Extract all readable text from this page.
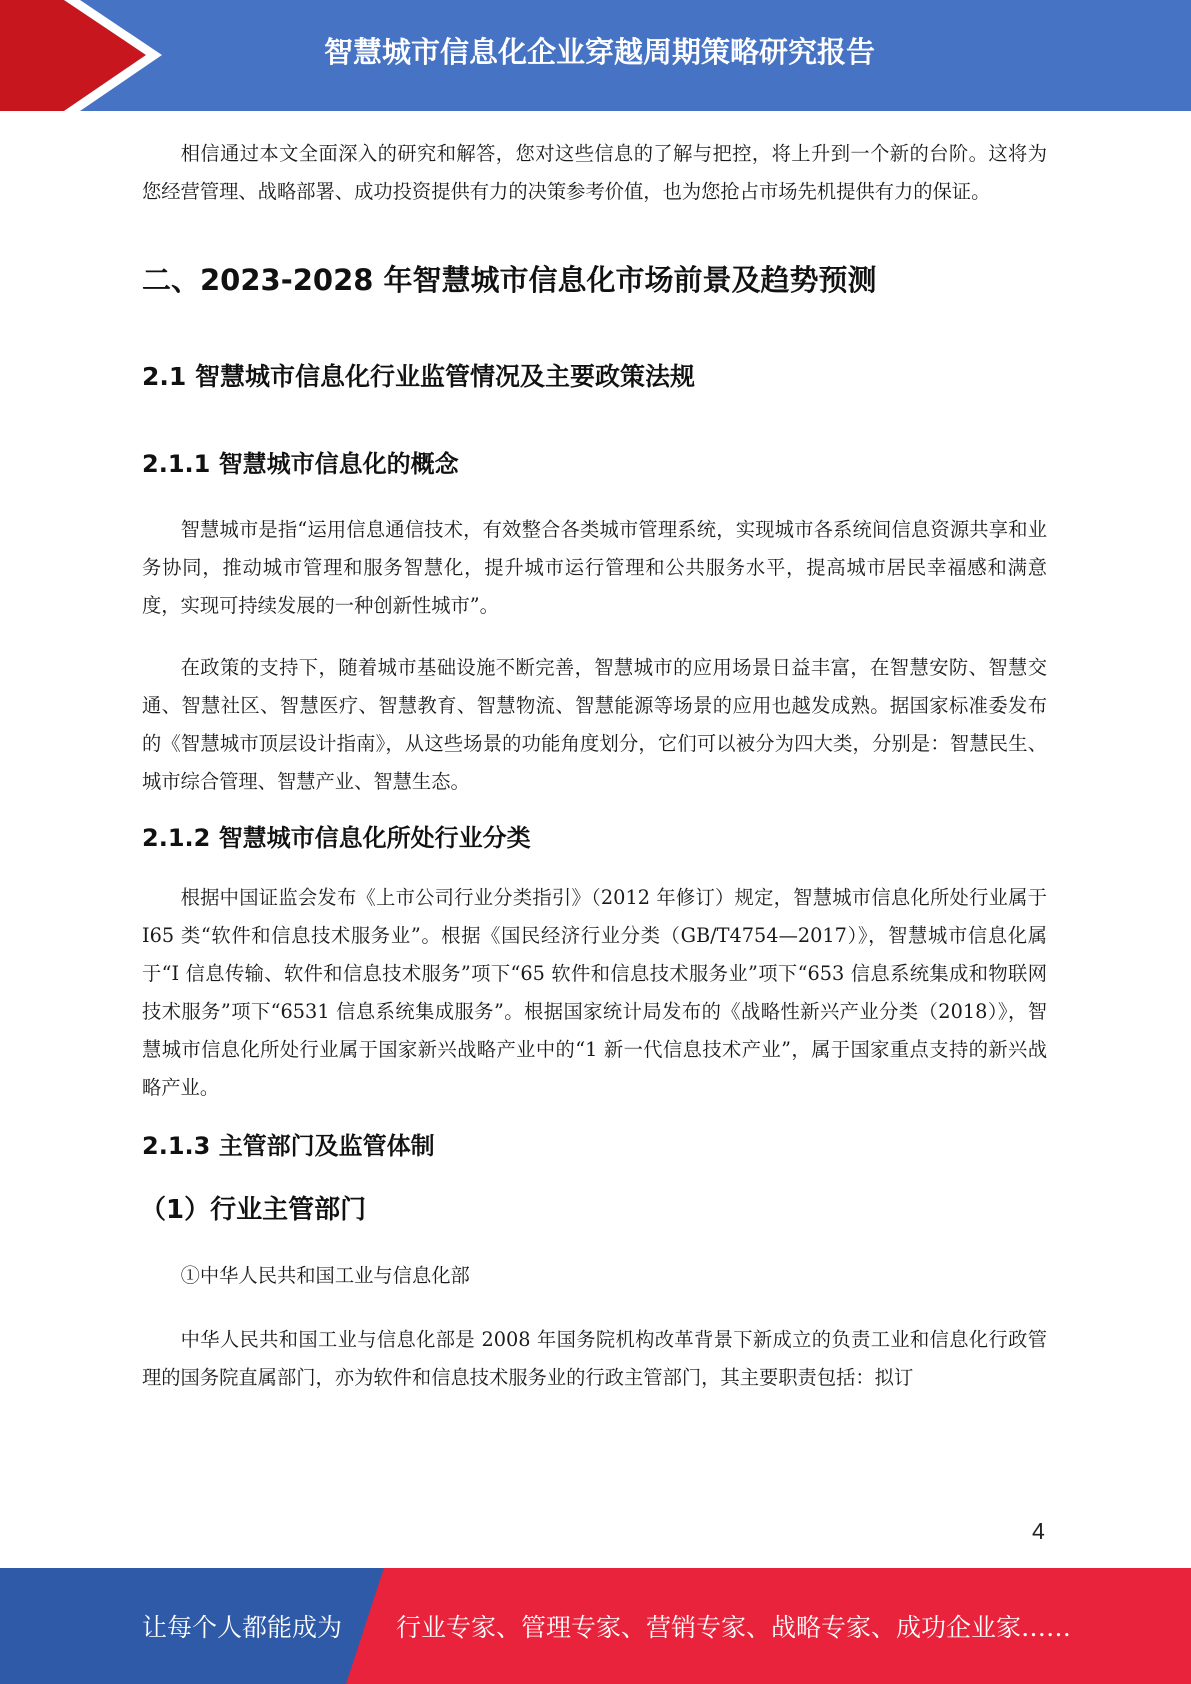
智慧城市信息化企业穿越周期策略研究报告

相信通过本文全面深入的研究和解答，您对这些信息的了解与把控，将上升到一个新的台阶。这将为您经营管理、战略部署、成功投资提供有力的决策参考价值，也为您抢占市场先机提供有力的保证。

二、2023-2028 年智慧城市信息化市场前景及趋势预测
2.1 智慧城市信息化行业监管情况及主要政策法规
2.1.1 智慧城市信息化的概念

智慧城市是指“运用信息通信技术，有效整合各类城市管理系统，实现城市各系统间信息资源共享和业务协同，推动城市管理和服务智慧化，提升城市运行管理和公共服务水平，提高城市居民幸福感和满意度，实现可持续发展的一种创新性城市”。

在政策的支持下，随着城市基础设施不断完善，智慧城市的应用场景日益丰富，在智慧安防、智慧交通、智慧社区、智慧医疗、智慧教育、智慧物流、智慧能源等场景的应用也越发成熟。据国家标准委发布的《智慧城市顶层设计指南》，从这些场景的功能角度划分，它们可以被分为四大类，分别是：智慧民生、城市综合管理、智慧产业、智慧生态。

2.1.2 智慧城市信息化所处行业分类

根据中国证监会发布《上市公司行业分类指引》（2012 年修订）规定，智慧城市信息化所处行业属于 I65 类“软件和信息技术服务业”。根据《国民经济行业分类（GB/T4754—2017）》，智慧城市信息化属于“I 信息传输、软件和信息技术服务”项下“65 软件和信息技术服务业”项下“653 信息系统集成和物联网技术服务”项下“6531 信息系统集成服务”。根据国家统计局发布的《战略性新兴产业分类（2018）》，智慧城市信息化所处行业属于国家新兴战略产业中的“1 新一代信息技术产业”，属于国家重点支持的新兴战略产业。

2.1.3 主管部门及监管体制
（1）行业主管部门

①中华人民共和国工业与信息化部

中华人民共和国工业与信息化部是 2008 年国务院机构改革背景下新成立的负责工业和信息化行政管理的国务院直属部门，亦为软件和信息技术服务业的行政主管部门，其主要职责包括：拟订

4
让每个人都能成为 行业专家、管理专家、营销专家、战略专家、成功企业家……
